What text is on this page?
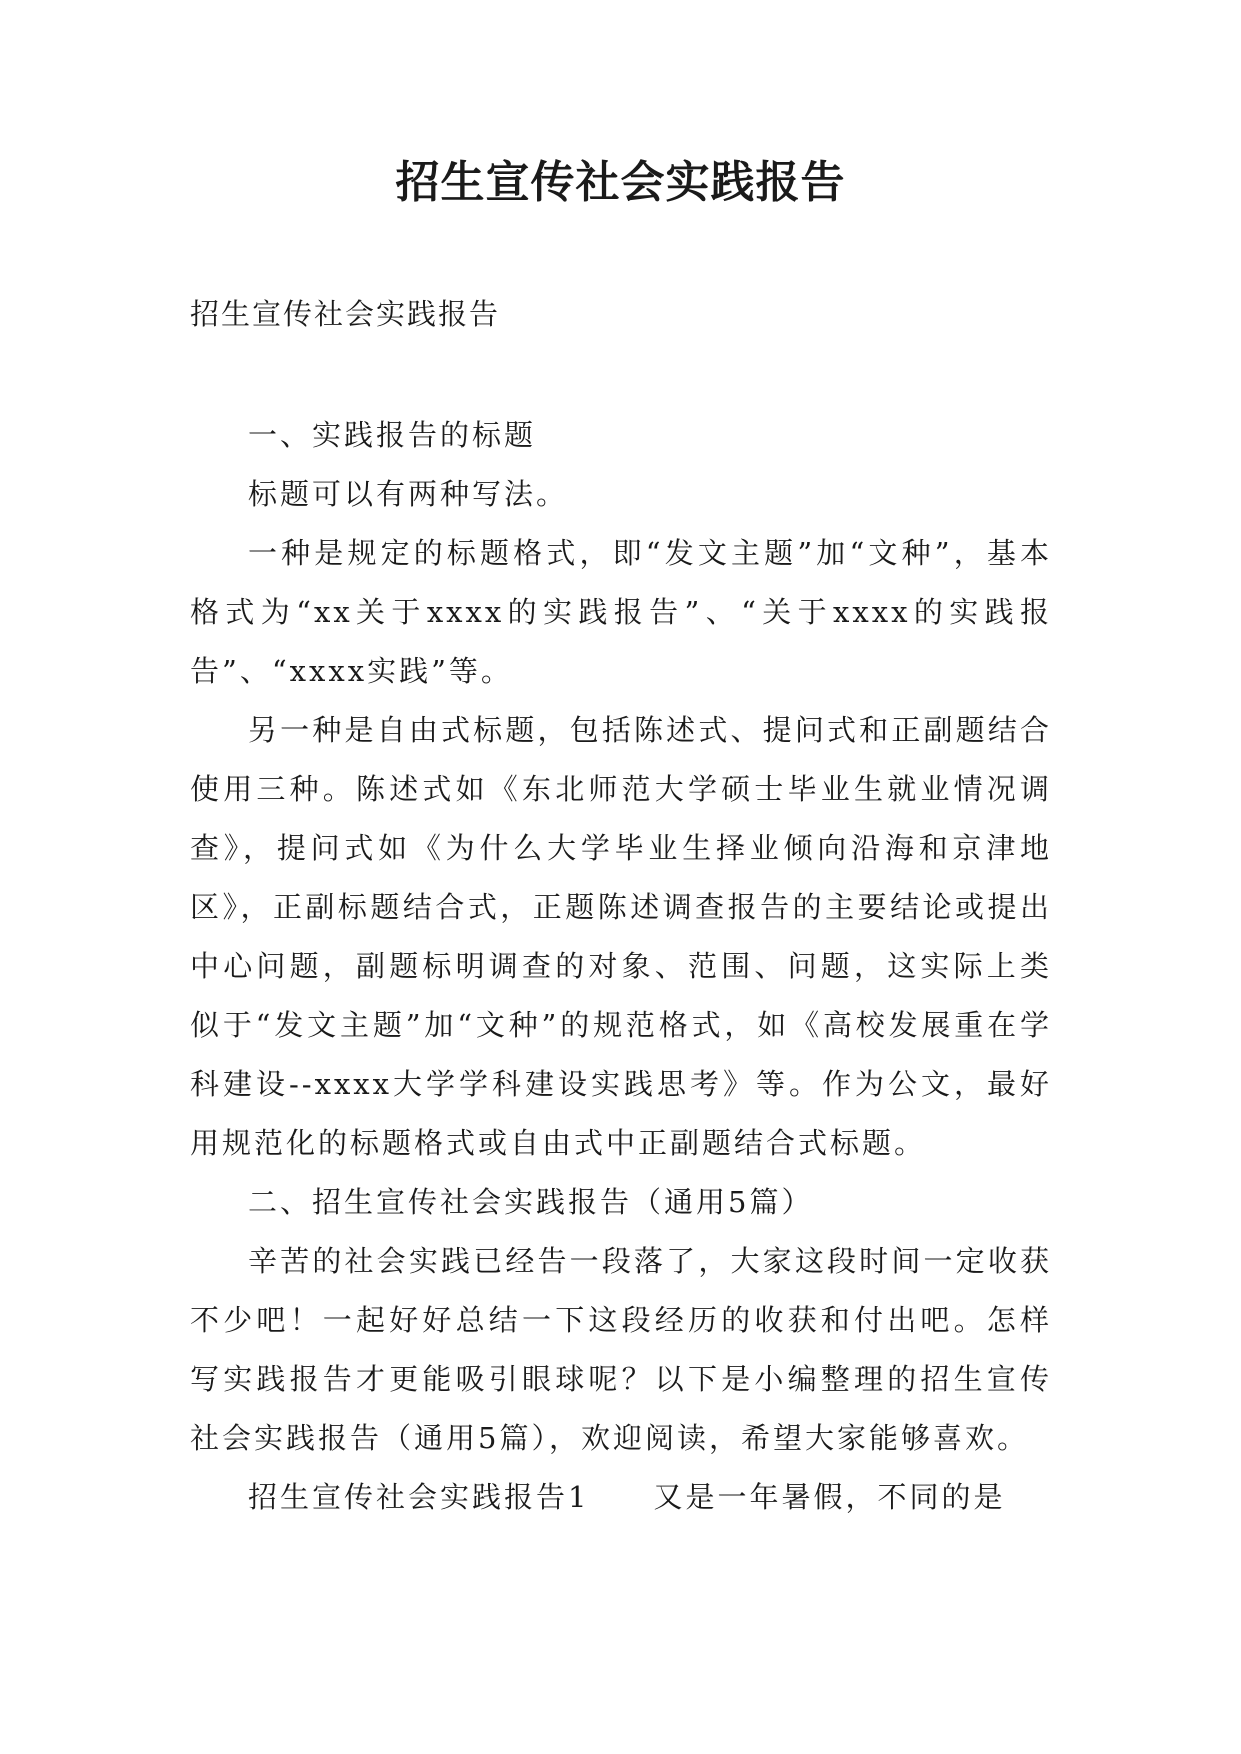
招生宣传社会实践报告

招生宣传社会实践报告

一、实践报告的标题

标题可以有两种写法。

一种是规定的标题格式，即“发文主题”加“文种”，基本格式为“xx关于xxxx的实践报告”、“关于xxxx的实践报告”、“xxxx实践”等。

另一种是自由式标题，包括陈述式、提问式和正副题结合使用三种。陈述式如《东北师范大学硕士毕业生就业情况调查》，提问式如《为什么大学毕业生择业倾向沿海和京津地区》，正副标题结合式，正题陈述调查报告的主要结论或提出中心问题，副题标明调查的对象、范围、问题，这实际上类似于“发文主题”加“文种”的规范格式，如《高校发展重在学科建设--xxxx大学学科建设实践思考》等。作为公文，最好用规范化的标题格式或自由式中正副题结合式标题。

二、招生宣传社会实践报告（通用5篇）

辛苦的社会实践已经告一段落了，大家这段时间一定收获不少吧！一起好好总结一下这段经历的收获和付出吧。怎样写实践报告才更能吸引眼球呢？以下是小编整理的招生宣传社会实践报告（通用5篇），欢迎阅读，希望大家能够喜欢。

招生宣传社会实践报告1　　又是一年暑假，不同的是
